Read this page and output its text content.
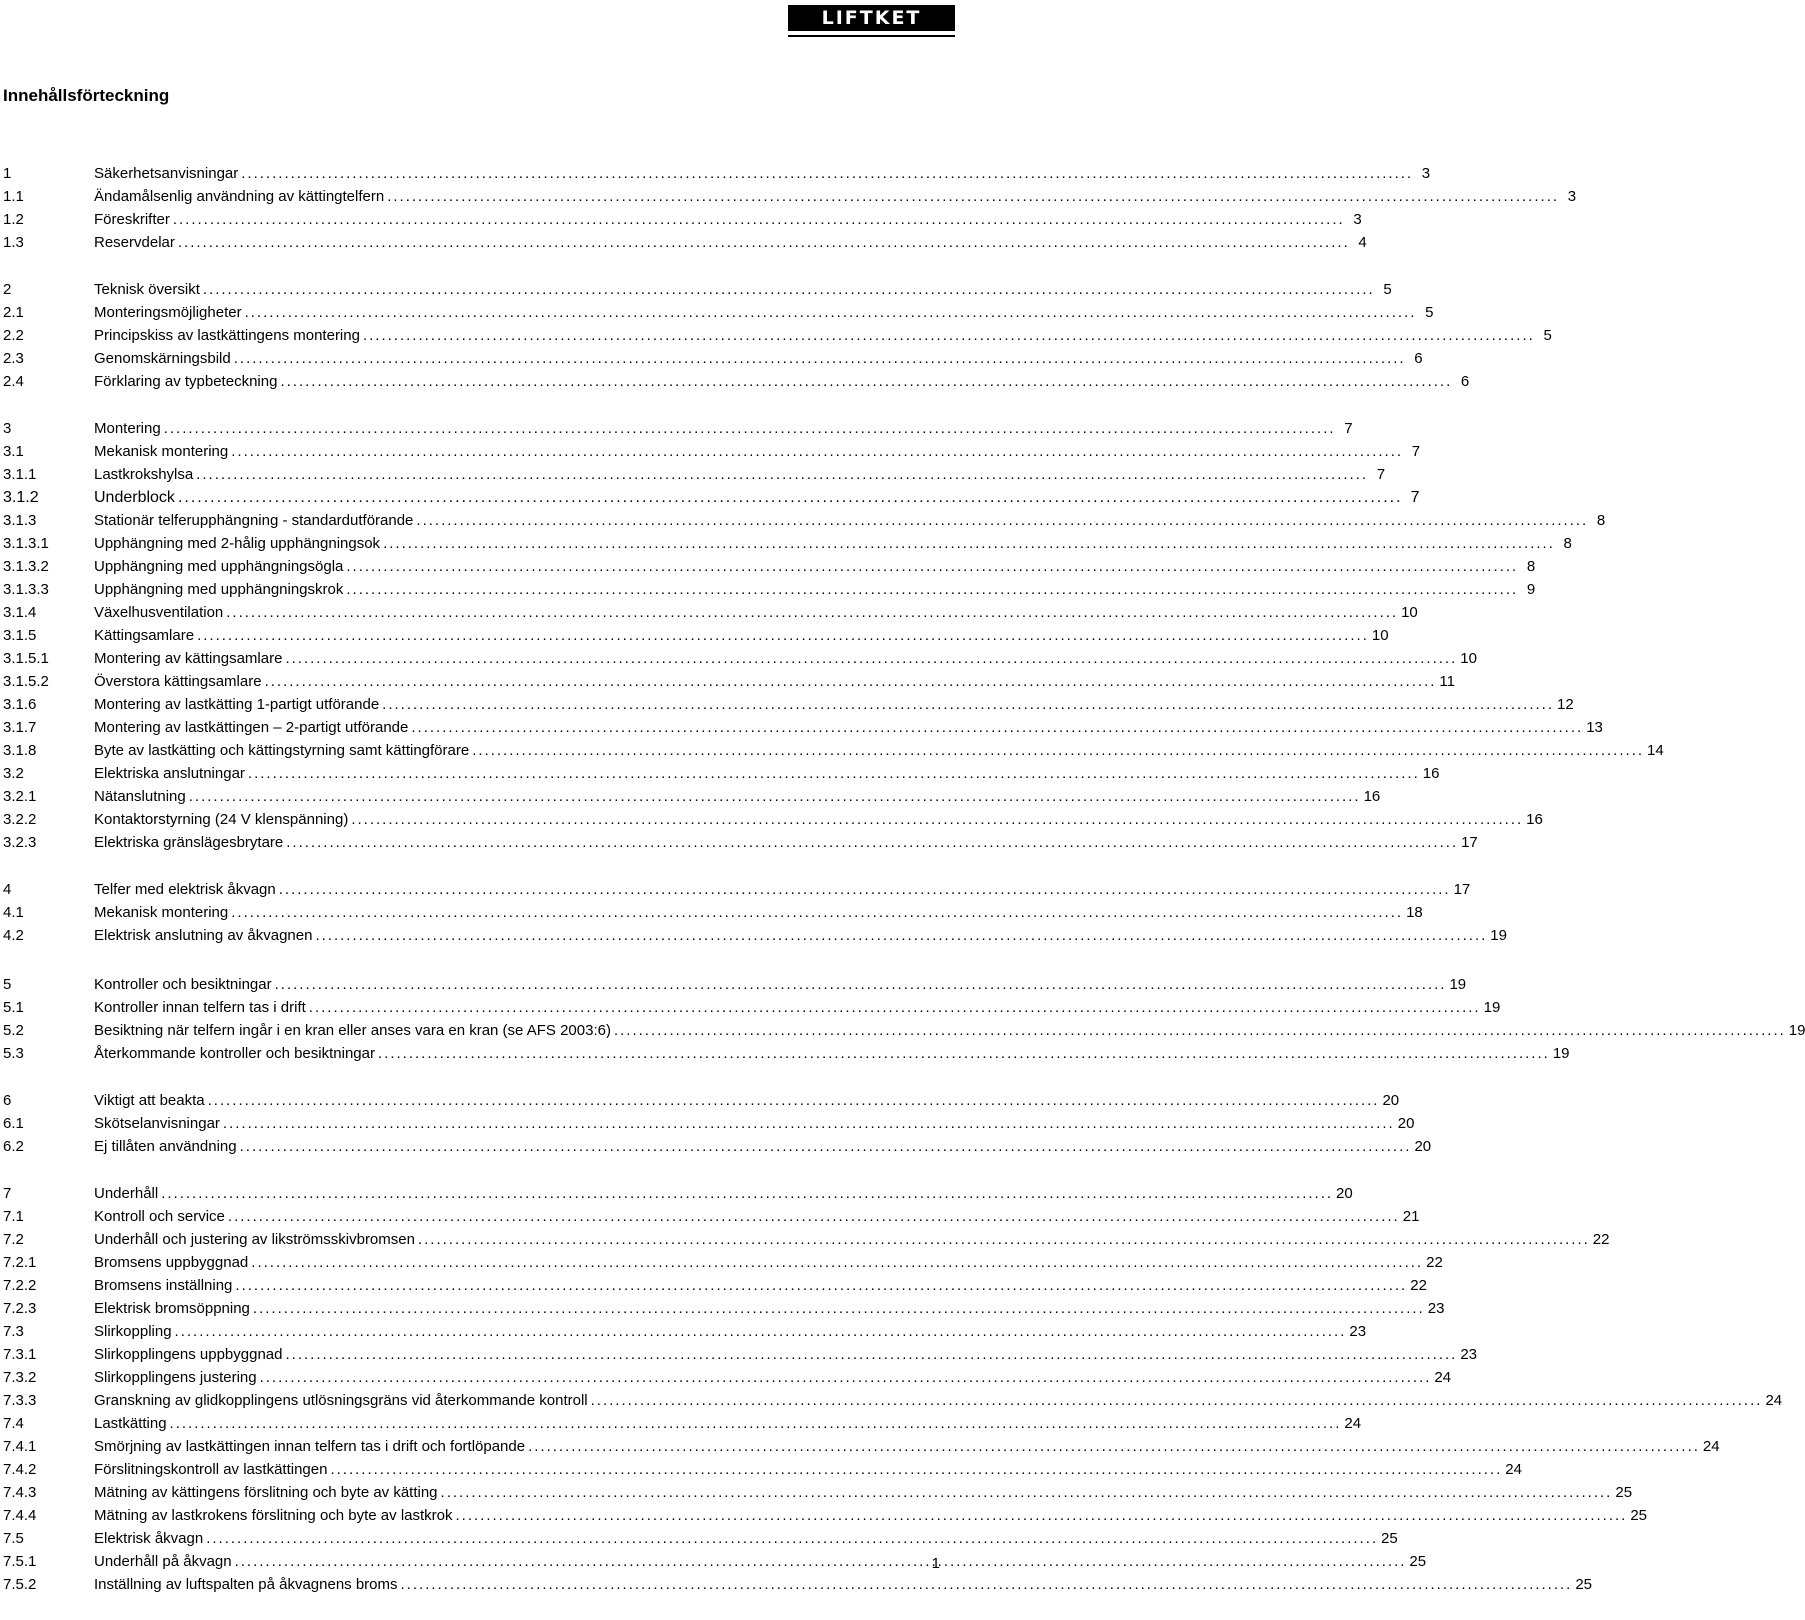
LIFTKET
Innehållsförteckning
1	Säkerhetsanvisningar .....	3
1.1	Ändamålsenlig användning av kättingtelfern .....	3
1.2	Föreskrifter .....	3
1.3	Reservdelar .....	4
2	Teknisk översikt .....	5
2.1	Monteringsmöjligheter .....	5
2.2	Principskiss av lastkättingens montering .....	5
2.3	Genomskärningsbild .....	6
2.4	Förklaring av typbeteckning .....	6
3	Montering .....	7
3.1	Mekanisk montering .....	7
3.1.1	Lastkrokshylsa .....	7
3.1.2	Underblock .....	7
3.1.3	Stationär telferupphängning - standardutförande .....	8
3.1.3.1	Upphängning med 2-hålig upphängningsok .....	8
3.1.3.2	Upphängning med upphängningsögla .....	8
3.1.3.3	Upphängning med upphängningskrok .....	9
3.1.4	Växelhusventilation .....	10
3.1.5	Kättingsamlare .....	10
3.1.5.1	Montering av kättingsamlare .....	10
3.1.5.2	Överstora kättingsamlare .....	11
3.1.6	Montering av lastkätting 1-partigt utförande .....	12
3.1.7	Montering av lastkättingen – 2-partigt utförande .....	13
3.1.8	Byte av lastkätting och kättingstyrning samt kättingförare .....	14
3.2	Elektriska anslutningar .....	16
3.2.1	Nätanslutning .....	16
3.2.2	Kontaktorstyrning (24 V klenspänning) .....	16
3.2.3	Elektriska gränslägesbrytare .....	17
4	Telfer med elektrisk åkvagn .....	17
4.1	Mekanisk montering .....	18
4.2	Elektrisk anslutning av åkvagnen .....	19
5	Kontroller och besiktningar .....	19
5.1	Kontroller innan telfern tas i drift .....	19
5.2	Besiktning när telfern ingår i en kran eller anses vara en kran (se AFS 2003:6) .....	19
5.3	Återkommande kontroller och besiktningar .....	19
6	Viktigt att beakta .....	20
6.1	Skötselanvisningar .....	20
6.2	Ej tillåten användning .....	20
7	Underhåll .....	20
7.1	Kontroll och service .....	21
7.2	Underhåll och justering av likströmsskivbromsen .....	22
7.2.1	Bromsens uppbyggnad .....	22
7.2.2	Bromsens inställning .....	22
7.2.3	Elektrisk bromsöppning .....	23
7.3	Slirkoppling .....	23
7.3.1	Slirkopplingens uppbyggnad .....	23
7.3.2	Slirkopplingens justering .....	24
7.3.3	Granskning av glidkopplingens utlösningsgräns vid återkommande kontroll .....	24
7.4	Lastkätting .....	24
7.4.1	Smörjning av lastkättingen innan telfern tas i drift och fortlöpande .....	24
7.4.2	Förslitningskontroll av lastkättingen .....	24
7.4.3	Mätning av kättingens förslitning och byte av kätting .....	25
7.4.4	Mätning av lastkrokens förslitning och byte av lastkrok .....	25
7.5	Elektrisk åkvagn .....	25
7.5.1	Underhåll på åkvagn .....	25
7.5.2	Inställning av luftspalten på åkvagnens broms .....	25
1
